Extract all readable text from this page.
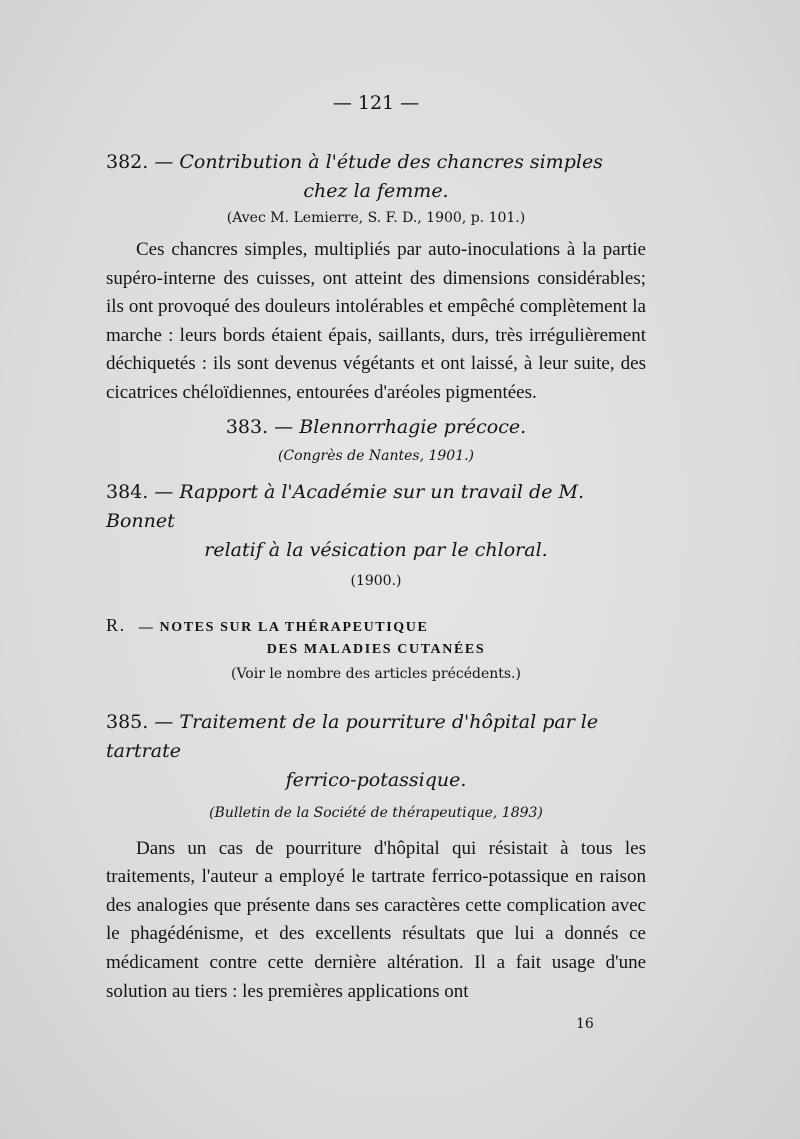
— 121 —

382. — Contribution à l'étude des chancres simples
chez la femme.

(Avec M. Lemierre, S. F. D., 1900, p. 101.)

Ces chancres simples, multipliés par auto-inoculations à la partie supéro-interne des cuisses, ont atteint des dimensions considérables; ils ont provoqué des douleurs intolérables et empêché complètement la marche : leurs bords étaient épais, saillants, durs, très irrégulièrement déchiquetés : ils sont devenus végétants et ont laissé, à leur suite, des cicatrices chéloïdiennes, entourées d'aréoles pigmentées.

383. — Blennorrhagie précoce.

(Congrès de Nantes, 1901.)

384. — Rapport à l'Académie sur un travail de M. Bonnet
relatif à la vésication par le chloral.

(1900.)

R. — NOTES SUR LA THÉRAPEUTIQUE

DES MALADIES CUTANÉES

(Voir le nombre des articles précédents.)

385. — Traitement de la pourriture d'hôpital par le tartrate
ferrico-potassique.

(Bulletin de la Société de thérapeutique, 1893)

Dans un cas de pourriture d'hôpital qui résistait à tous les traitements, l'auteur a employé le tartrate ferrico-potassique en raison des analogies que présente dans ses caractères cette complication avec le phagédénisme, et des excellents résultats que lui a donnés ce médicament contre cette dernière altération. Il a fait usage d'une solution au tiers : les premières applications ont

16
